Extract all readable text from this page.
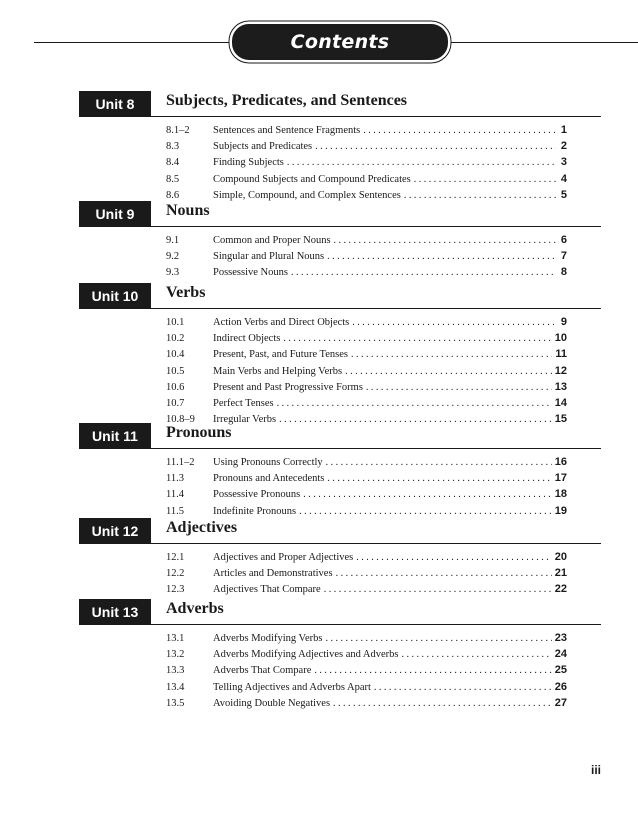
Contents
Unit 8	Subjects, Predicates, and Sentences
8.1–2	Sentences and Sentence Fragments . . .	1
8.3	Subjects and Predicates . . .	2
8.4	Finding Subjects . . .	3
8.5	Compound Subjects and Compound Predicates . . .	4
8.6	Simple, Compound, and Complex Sentences . . .	5
Unit 9	Nouns
9.1	Common and Proper Nouns . . .	6
9.2	Singular and Plural Nouns . . .	7
9.3	Possessive Nouns . . .	8
Unit 10	Verbs
10.1	Action Verbs and Direct Objects . . .	9
10.2	Indirect Objects . . .	10
10.4	Present, Past, and Future Tenses . . .	11
10.5	Main Verbs and Helping Verbs . . .	12
10.6	Present and Past Progressive Forms . . .	13
10.7	Perfect Tenses . . .	14
10.8–9	Irregular Verbs . . .	15
Unit 11	Pronouns
11.1–2	Using Pronouns Correctly . . .	16
11.3	Pronouns and Antecedents . . .	17
11.4	Possessive Pronouns . . .	18
11.5	Indefinite Pronouns . . .	19
Unit 12	Adjectives
12.1	Adjectives and Proper Adjectives . . .	20
12.2	Articles and Demonstratives . . .	21
12.3	Adjectives That Compare . . .	22
Unit 13	Adverbs
13.1	Adverbs Modifying Verbs . . .	23
13.2	Adverbs Modifying Adjectives and Adverbs . . .	24
13.3	Adverbs That Compare . . .	25
13.4	Telling Adjectives and Adverbs Apart . . .	26
13.5	Avoiding Double Negatives . . .	27
iii
